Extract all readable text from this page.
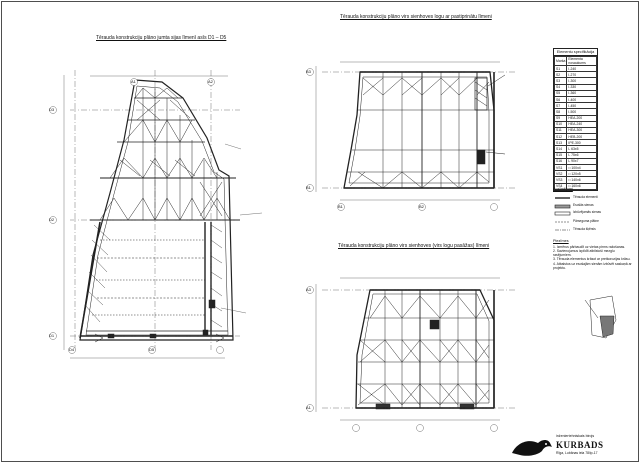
Tērauda konstrukciju plāno jumta sijas līmenī asīs D1 – D5
Tērauda konstrukciju plāno virs sienhoves logu ar pastiprinātu līmeni
Tērauda konstrukciju plāno virs sienhoves (virs logu pasāžas) līmeni
A1	A2
D3
D2
D1
D4	D5
B3
B1
A3
A1
B1	B2
Elementu specifikācija
Marka	Elementa nosaukums
S1	I-240
S2	I-270
S3	I-300
S4	I-330
S5	I-360
S6	I-400
S7	I-450
S8	I-500
S9	HEA-200
S10	HEA-240
S11	HEA-300
S12	HEB-200
S13	IPE-300
S14	L 63x5
S15	L 75x6
S16	L 90x7
VS1	□ 100x4
VS2	□ 120x5
VS3	□ 140x6
VS4	□ 160x6
Apzīmējumi
Tērauda elementi
Esošās sienas
Izbūvējamās sienas
Pārseguma plātne
Tērauda šķērsis
Piezīmes
1. Izmērus pārbaudīt uz vietas pirms ražošanas.
2. Savienojumus izpildīt atbilstoši mezglu rasējumiem.
3. Tērauda elementus krāsot ar pretkorozijas krāsu.
4. Atbalstus uz esošajām sienām izbūvēt saskaņā ar projektu.
inženiertehniskais birojs
KURBADS
Rīga, Lubānas iela 78/ip-17
